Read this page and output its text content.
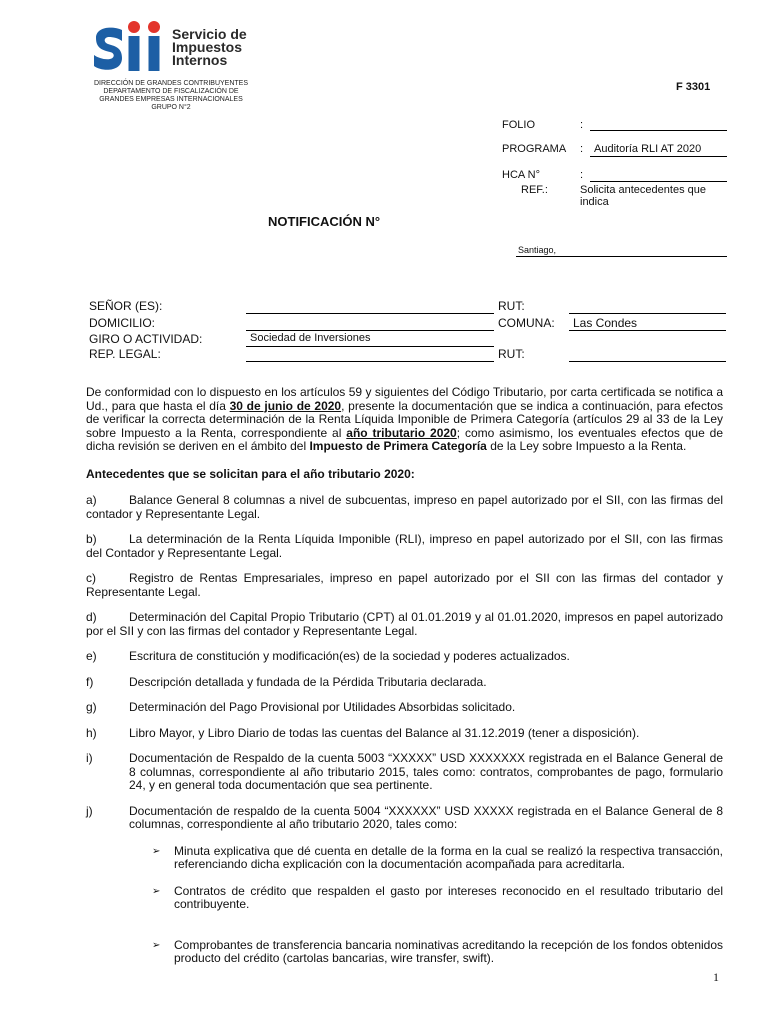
Servicio de
Impuestos
Internos
DIRECCIÓN DE GRANDES CONTRIBUYENTES
DEPARTAMENTO DE FISCALIZACIÓN DE
GRANDES EMPRESAS INTERNACIONALES
GRUPO N°2
F 3301
FOLIO	:
PROGRAMA : Auditoría RLI AT 2020
HCA N°	:
REF.:	Solicita antecedentes que indica
NOTIFICACIÓN N°
Santiago,
SEÑOR (ES):	RUT:
DOMICILIO:	COMUNA: Las Condes
GIRO O ACTIVIDAD:	Sociedad de Inversiones
REP. LEGAL:	RUT:

De conformidad con lo dispuesto en los artículos 59 y siguientes del Código Tributario, por carta certificada se notifica a Ud., para que hasta el día 30 de junio de 2020, presente la documentación que se indica a continuación, para efectos de verificar la correcta determinación de la Renta Líquida Imponible de Primera Categoría (artículos 29 al 33 de la Ley sobre Impuesto a la Renta, correspondiente al año tributario 2020; como asimismo, los eventuales efectos que de dicha revisión se deriven en el ámbito del Impuesto de Primera Categoría de la Ley sobre Impuesto a la Renta.

Antecedentes que se solicitan para el año tributario 2020:

a)	Balance General 8 columnas a nivel de subcuentas, impreso en papel autorizado por el SII, con las firmas del contador y Representante Legal.
b)	La determinación de la Renta Líquida Imponible (RLI), impreso en papel autorizado por el SII, con las firmas del Contador y Representante Legal.
c)	Registro de Rentas Empresariales, impreso en papel autorizado por el SII con las firmas del contador y Representante Legal.
d)	Determinación del Capital Propio Tributario (CPT) al 01.01.2019 y al 01.01.2020, impresos en papel autorizado por el SII y con las firmas del contador y Representante Legal.
e)	Escritura de constitución y modificación(es) de la sociedad y poderes actualizados.
f)	Descripción detallada y fundada de la Pérdida Tributaria declarada.
g)	Determinación del Pago Provisional por Utilidades Absorbidas solicitado.
h)	Libro Mayor, y Libro Diario de todas las cuentas del Balance al 31.12.2019 (tener a disposición).
i)	Documentación de Respaldo de la cuenta 5003 “XXXXX” USD XXXXXXX registrada en el Balance General de 8 columnas, correspondiente al año tributario 2015, tales como: contratos, comprobantes de pago, formulario 24, y en general toda documentación que sea pertinente.
j)	Documentación de respaldo de la cuenta 5004 “XXXXXX” USD XXXXX registrada en el Balance General de 8 columnas, correspondiente al año tributario 2020, tales como:
➢	Minuta explicativa que dé cuenta en detalle de la forma en la cual se realizó la respectiva transacción, referenciando dicha explicación con la documentación acompañada para acreditarla.
➢	Contratos de crédito que respalden el gasto por intereses reconocido en el resultado tributario del contribuyente.
➢	Comprobantes de transferencia bancaria nominativas acreditando la recepción de los fondos obtenidos producto del crédito (cartolas bancarias, wire transfer, swift).
1
